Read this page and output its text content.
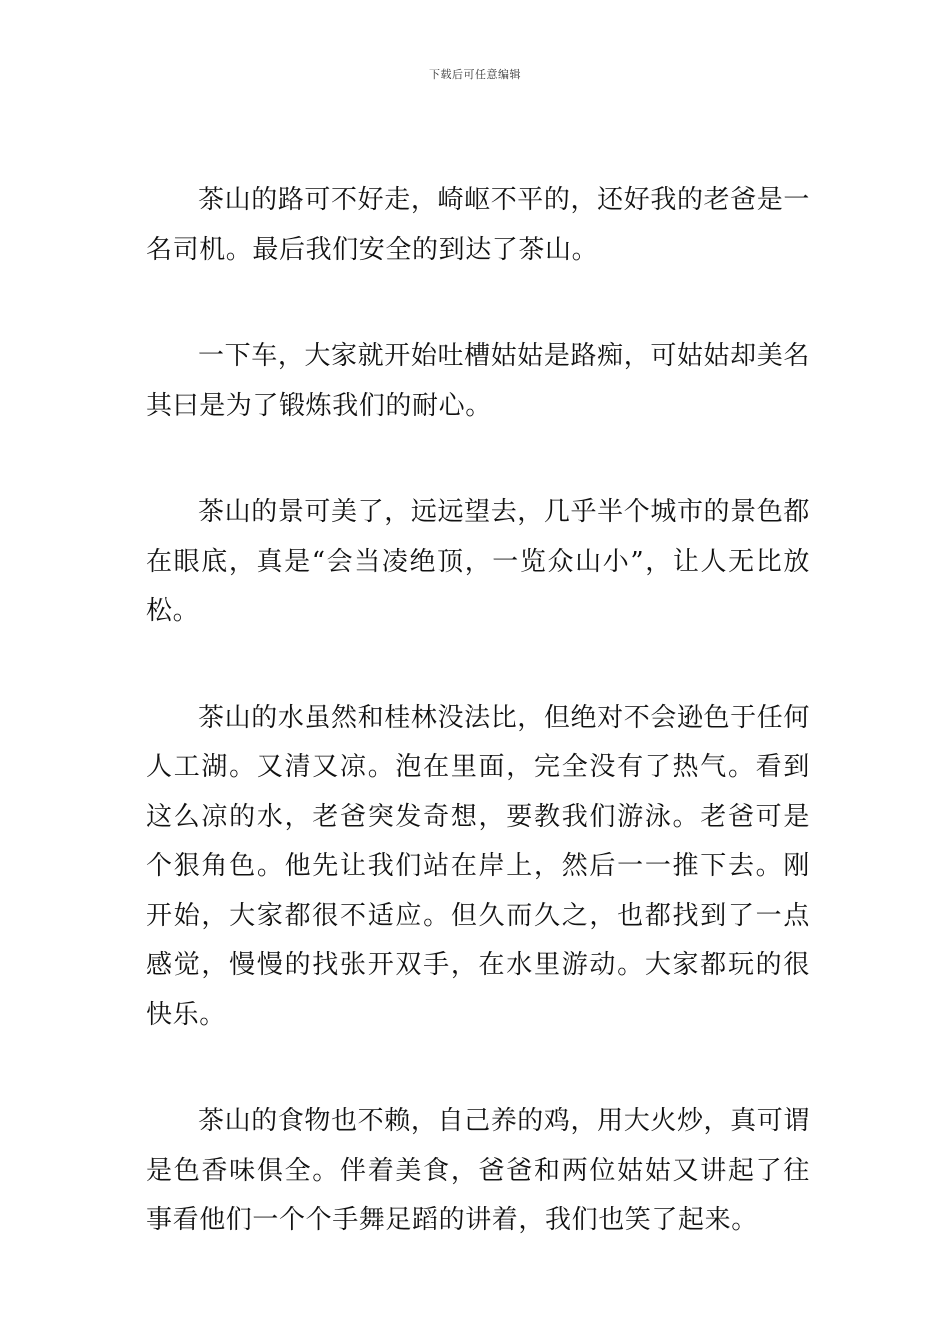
下载后可任意编辑

茶山的路可不好走，崎岖不平的，还好我的老爸是一名司机。最后我们安全的到达了茶山。

一下车，大家就开始吐槽姑姑是路痴，可姑姑却美名其曰是为了锻炼我们的耐心。

茶山的景可美了，远远望去，几乎半个城市的景色都在眼底，真是“会当凌绝顶，一览众山小”，让人无比放松。

茶山的水虽然和桂林没法比，但绝对不会逊色于任何人工湖。又清又凉。泡在里面，完全没有了热气。看到这么凉的水，老爸突发奇想，要教我们游泳。老爸可是个狠角色。他先让我们站在岸上，然后一一推下去。刚开始，大家都很不适应。但久而久之，也都找到了一点感觉，慢慢的找张开双手，在水里游动。大家都玩的很快乐。

茶山的食物也不赖，自己养的鸡，用大火炒，真可谓是色香味俱全。伴着美食，爸爸和两位姑姑又讲起了往事看他们一个个手舞足蹈的讲着，我们也笑了起来。
